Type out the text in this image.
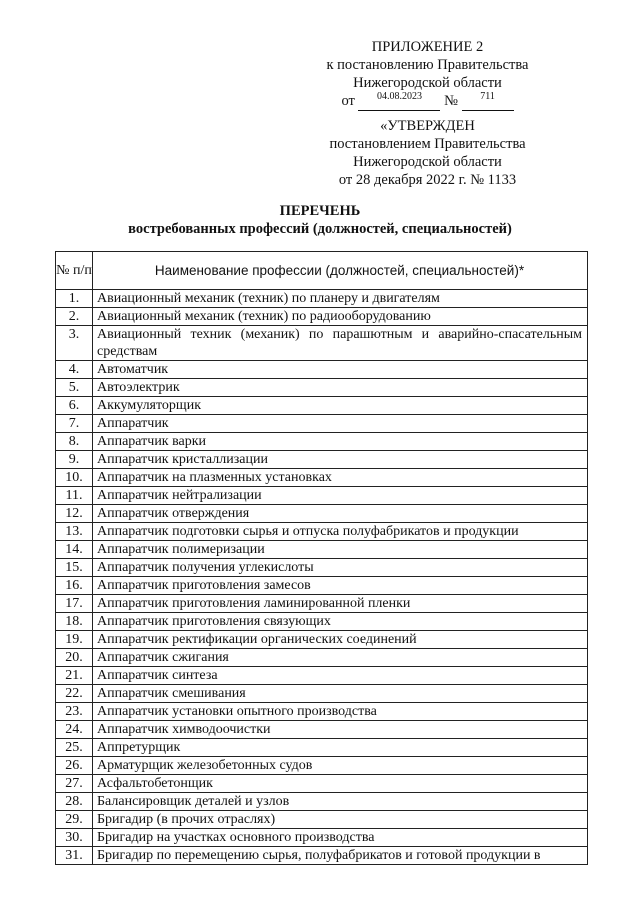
ПРИЛОЖЕНИЕ 2
к постановлению Правительства
Нижегородской области
от	04.08.2023	№	711

«УТВЕРЖДЕН
постановлением Правительства
Нижегородской области
от 28 декабря 2022 г. № 1133
ПЕРЕЧЕНЬ
востребованных профессий (должностей, специальностей)
№ п/п	Наименование профессии (должностей, специальностей)*
1.	Авиационный механик (техник) по планеру и двигателям
2.	Авиационный механик (техник) по радиооборудованию
3.	Авиационный техник (механик) по парашютным и аварийно-спасательным средствам
4.	Автоматчик
5.	Автоэлектрик
6.	Аккумуляторщик
7.	Аппаратчик
8.	Аппаратчик варки
9.	Аппаратчик кристаллизации
10.	Аппаратчик на плазменных установках
11.	Аппаратчик нейтрализации
12.	Аппаратчик отверждения
13.	Аппаратчик подготовки сырья и отпуска полуфабрикатов и продукции
14.	Аппаратчик полимеризации
15.	Аппаратчик получения углекислоты
16.	Аппаратчик приготовления замесов
17.	Аппаратчик приготовления ламинированной пленки
18.	Аппаратчик приготовления связующих
19.	Аппаратчик ректификации органических соединений
20.	Аппаратчик сжигания
21.	Аппаратчик синтеза
22.	Аппаратчик смешивания
23.	Аппаратчик установки опытного производства
24.	Аппаратчик химводоочистки
25.	Аппретурщик
26.	Арматурщик железобетонных судов
27.	Асфальтобетонщик
28.	Балансировщик деталей и узлов
29.	Бригадир (в прочих отраслях)
30.	Бригадир на участках основного производства
31.	Бригадир по перемещению сырья, полуфабрикатов и готовой продукции в
